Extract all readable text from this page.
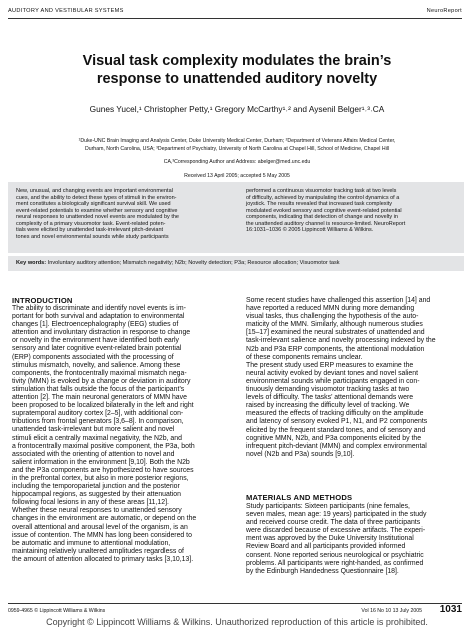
AUDITORY AND VESTIBULAR SYSTEMS	NeuroReport
Visual task complexity modulates the brain’s
response to unattended auditory novelty
Gunes Yucel,¹ Christopher Petty,¹ Gregory McCarthy¹˒² and Aysenil Belger¹˒³˒CA
¹Duke-UNC Brain Imaging and Analysis Center, Duke University Medical Center, Durham; ²Department of Veterans Affairs Medical Center,
Durham, North Carolina, USA; ³Department of Psychiatry, University of North Carolina at Chapel Hill, School of Medicine, Chapel Hill
CA,³Corresponding Author and Address: abelger@med.unc.edu
Received 13 April 2005; accepted 5 May 2005
New, unusual, and changing events are important environmental
cues, and the ability to detect these types of stimuli in the environ-
ment constitutes a biologically significant survival skill. We used
event-related potentials to examine whether sensory and cognitive
neural responses to unattended novel events are modulated by the
complexity of a primary visuomotor task. Event-related poten-
tials were elicited by unattended task-irrelevant pitch-deviant
tones and novel environmental sounds while study participants
performed a continuous visuomotor tracking task at two levels
of difficulty, achieved by manipulating the control dynamics of a
joystick. The results revealed that increased task complexity
modulated evoked sensory and cognitive event-related potential
components, indicating that detection of change and novelty in
the unattended auditory channel is resource-limited. NeuroReport
16:1031–1036 © 2005 Lippincott Williams & Wilkins.
Key words: Involuntary auditory attention; Mismatch negativity; N2b; Novelty detection; P3a; Resource allocation; Visuomotor task
INTRODUCTION
The ability to discriminate and identify novel events is im-
portant for both survival and adaptation to environmental
changes [1]. Electroencephalography (EEG) studies of
attention and involuntary distraction in response to change
or novelty in the environment have identified both early
sensory and later cognitive event-related brain potential
(ERP) components associated with the processing of
stimulus mismatch, novelty, and salience. Among these
components, the frontocentrally maximal mismatch nega-
tivity (MMN) is evoked by a change or deviation in auditory
stimulation that falls outside the focus of the participant’s
attention [2]. The main neuronal generators of MMN have
been proposed to be localized bilaterally in the left and right
supratemporal auditory cortex [2–5], with additional con-
tributions from frontal generators [3,6–8]. In comparison,
unattended task-irrelevant but more salient and novel
stimuli elicit a centrally maximal negativity, the N2b, and
a frontocentrally maximal positive component, the P3a, both
associated with the orienting of attention to novel and
salient information in the environment [9,10]. Both the N2b
and the P3a components are hypothesized to have sources
in the prefrontal cortex, but also in more posterior regions,
including the temporoparietal junction and the posterior
hippocampal regions, as suggested by their attenuation
following focal lesions in any of these areas [11,12].
Whether these neural responses to unattended sensory
changes in the environment are automatic, or depend on the
overall attentional and arousal level of the organism, is an
issue of contention. The MMN has long been considered to
be automatic and immune to attentional modulation,
maintaining relatively unaltered amplitudes regardless of
the amount of attention allocated to primary tasks [3,10,13].
Some recent studies have challenged this assertion [14] and
have reported a reduced MMN during more demanding
visual tasks, thus challenging the hypothesis of the auto-
maticity of the MMN. Similarly, although numerous studies
[15–17] examined the neural substrates of unattended and
task-irrelevant salience and novelty processing indexed by the
N2b and P3a ERP components, the attentional modulation
of these components remains unclear.
The present study used ERP measures to examine the
neural activity evoked by deviant tones and novel salient
environmental sounds while participants engaged in con-
tinuously demanding visuomotor tracking tasks at two
levels of difficulty. The tasks’ attentional demands were
raised by increasing the difficulty level of tracking. We
measured the effects of tracking difficulty on the amplitude
and latency of sensory evoked P1, N1, and P2 components
elicited by the frequent standard tones, and of sensory and
cognitive MMN, N2b, and P3a components elicited by the
infrequent pitch-deviant (MMN) and complex environmental
novel (N2b and P3a) sounds [9,10].
MATERIALS AND METHODS
Study participants: Sixteen participants (nine females,
seven males, mean age: 19 years) participated in the study
and received course credit. The data of three participants
were discarded because of excessive artifacts. The experi-
ment was approved by the Duke University Institutional
Review Board and all participants provided informed
consent. None reported serious neurological or psychiatric
problems. All participants were right-handed, as confirmed
by the Edinburgh Handedness Questionnaire [18].
0959-4965 © Lippincott Williams & Wilkins	Vol 16 No 10 13 July 2005 1031
Copyright © Lippincott Williams & Wilkins. Unauthorized reproduction of this article is prohibited.
